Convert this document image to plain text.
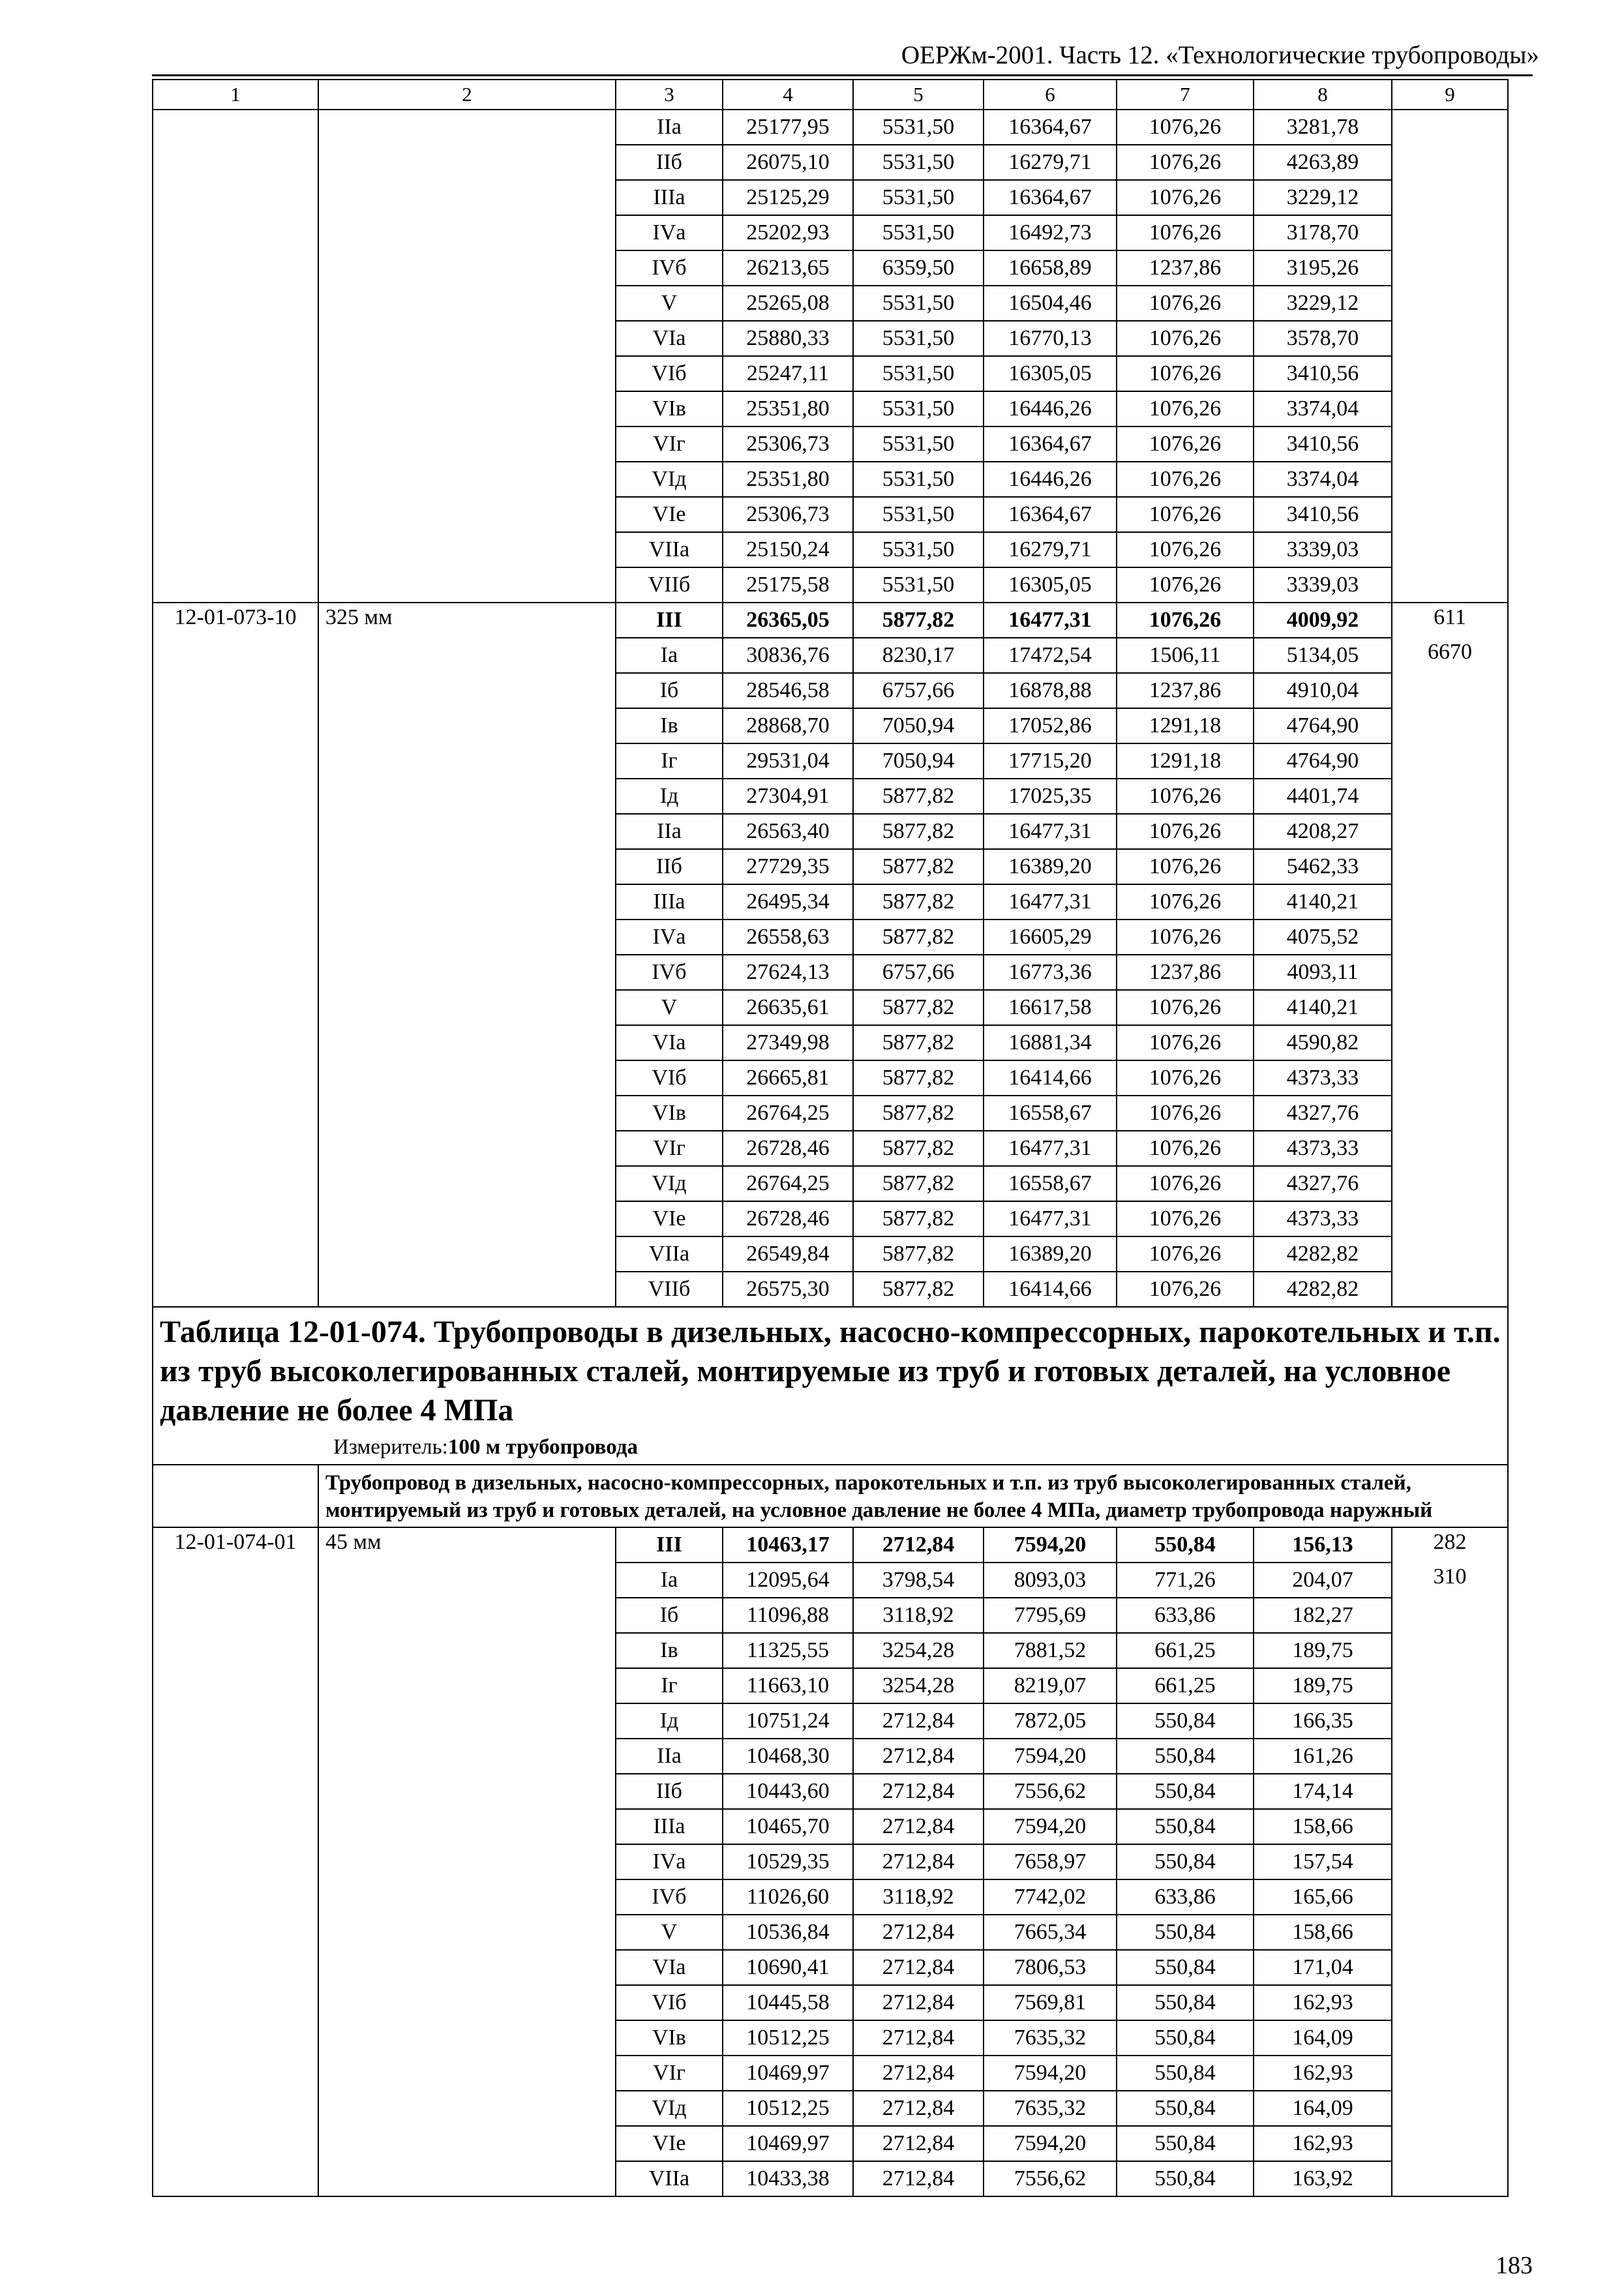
ОЕРЖм-2001. Часть 12. «Технологические трубопроводы»
1	2	3	4	5	6	7	8	9
		IIа	25177,95	5531,50	16364,67	1076,26	3281,78	
		IIб	26075,10	5531,50	16279,71	1076,26	4263,89	
		IIIа	25125,29	5531,50	16364,67	1076,26	3229,12	
		IVа	25202,93	5531,50	16492,73	1076,26	3178,70	
		IVб	26213,65	6359,50	16658,89	1237,86	3195,26	
		V	25265,08	5531,50	16504,46	1076,26	3229,12	
		VIа	25880,33	5531,50	16770,13	1076,26	3578,70	
		VIб	25247,11	5531,50	16305,05	1076,26	3410,56	
		VIв	25351,80	5531,50	16446,26	1076,26	3374,04	
		VIг	25306,73	5531,50	16364,67	1076,26	3410,56	
		VIд	25351,80	5531,50	16446,26	1076,26	3374,04	
		VIе	25306,73	5531,50	16364,67	1076,26	3410,56	
		VIIа	25150,24	5531,50	16279,71	1076,26	3339,03	
		VIIб	25175,58	5531,50	16305,05	1076,26	3339,03	
12-01-073-10	325 мм	III	26365,05	5877,82	16477,31	1076,26	4009,92	611
		Iа	30836,76	8230,17	17472,54	1506,11	5134,05	6670
		Iб	28546,58	6757,66	16878,88	1237,86	4910,04	
		Iв	28868,70	7050,94	17052,86	1291,18	4764,90	
		Iг	29531,04	7050,94	17715,20	1291,18	4764,90	
		Iд	27304,91	5877,82	17025,35	1076,26	4401,74	
		IIа	26563,40	5877,82	16477,31	1076,26	4208,27	
		IIб	27729,35	5877,82	16389,20	1076,26	5462,33	
		IIIа	26495,34	5877,82	16477,31	1076,26	4140,21	
		IVа	26558,63	5877,82	16605,29	1076,26	4075,52	
		IVб	27624,13	6757,66	16773,36	1237,86	4093,11	
		V	26635,61	5877,82	16617,58	1076,26	4140,21	
		VIа	27349,98	5877,82	16881,34	1076,26	4590,82	
		VIб	26665,81	5877,82	16414,66	1076,26	4373,33	
		VIв	26764,25	5877,82	16558,67	1076,26	4327,76	
		VIг	26728,46	5877,82	16477,31	1076,26	4373,33	
		VIд	26764,25	5877,82	16558,67	1076,26	4327,76	
		VIе	26728,46	5877,82	16477,31	1076,26	4373,33	
		VIIа	26549,84	5877,82	16389,20	1076,26	4282,82	
		VIIб	26575,30	5877,82	16414,66	1076,26	4282,82	

Таблица 12-01-074. Трубопроводы в дизельных, насосно-компрессорных, парокотельных и т.п. из труб высоколегированных сталей, монтируемые из труб и готовых деталей, на условное давление не более 4 МПа
Измеритель:100 м трубопровода								

	Трубопровод в дизельных, насосно-компрессорных, парокотельных и т.п. из труб высоколегированных сталей, монтируемый из труб и готовых деталей, на условное давление не более 4 МПа, диаметр трубопровода наружный							
12-01-074-01	45 мм	III	10463,17	2712,84	7594,20	550,84	156,13	282
		Iа	12095,64	3798,54	8093,03	771,26	204,07	310
		Iб	11096,88	3118,92	7795,69	633,86	182,27	
		Iв	11325,55	3254,28	7881,52	661,25	189,75	
		Iг	11663,10	3254,28	8219,07	661,25	189,75	
		Iд	10751,24	2712,84	7872,05	550,84	166,35	
		IIа	10468,30	2712,84	7594,20	550,84	161,26	
		IIб	10443,60	2712,84	7556,62	550,84	174,14	
		IIIа	10465,70	2712,84	7594,20	550,84	158,66	
		IVа	10529,35	2712,84	7658,97	550,84	157,54	
		IVб	11026,60	3118,92	7742,02	633,86	165,66	
		V	10536,84	2712,84	7665,34	550,84	158,66	
		VIа	10690,41	2712,84	7806,53	550,84	171,04	
		VIб	10445,58	2712,84	7569,81	550,84	162,93	
		VIв	10512,25	2712,84	7635,32	550,84	164,09	
		VIг	10469,97	2712,84	7594,20	550,84	162,93	
		VIд	10512,25	2712,84	7635,32	550,84	164,09	
		VIе	10469,97	2712,84	7594,20	550,84	162,93	
		VIIа	10433,38	2712,84	7556,62	550,84	163,92	
183
